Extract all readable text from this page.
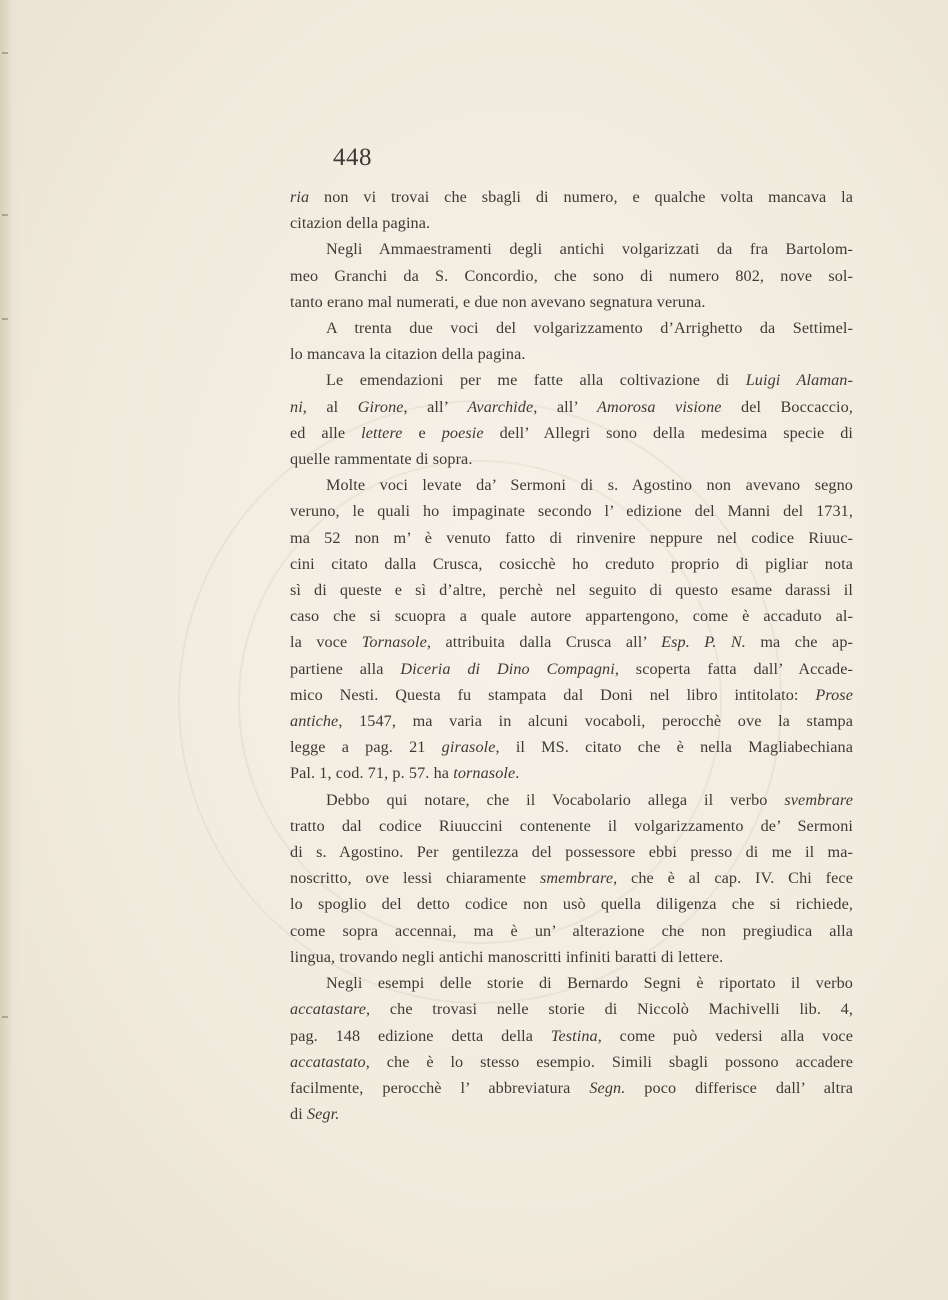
448

ria non vi trovai che sbagli di numero, e qualche volta mancava la

citazion della pagina.

Negli Ammaestramenti degli antichi volgarizzati da fra Bartolom-

meo Granchi da S. Concordio, che sono di numero 802, nove sol-

tanto erano mal numerati, e due non avevano segnatura veruna.

A trenta due voci del volgarizzamento d’Arrighetto da Settimel-

lo mancava la citazion della pagina.

Le emendazioni per me fatte alla coltivazione di Luigi Alaman-

ni, al Girone, all’ Avarchide, all’ Amorosa visione del Boccaccio,

ed alle lettere e poesie dell’ Allegri sono della medesima specie di

quelle rammentate di sopra.

Molte voci levate da’ Sermoni di s. Agostino non avevano segno

veruno, le quali ho impaginate secondo l’ edizione del Manni del 1731,

ma 52 non m’ è venuto fatto di rinvenire neppure nel codice Riuuc-

cini citato dalla Crusca, cosicchè ho creduto proprio di pigliar nota

sì di queste e sì d’altre, perchè nel seguito di questo esame darassi il

caso che si scuopra a quale autore appartengono, come è accaduto al-

la voce Tornasole, attribuita dalla Crusca all’ Esp. P. N. ma che ap-

partiene alla Diceria di Dino Compagni, scoperta fatta dall’ Accade-

mico Nesti. Questa fu stampata dal Doni nel libro intitolato: Prose

antiche, 1547, ma varia in alcuni vocaboli, perocchè ove la stampa

legge a pag. 21 girasole, il MS. citato che è nella Magliabechiana

Pal. 1, cod. 71, p. 57. ha tornasole.

Debbo qui notare, che il Vocabolario allega il verbo svembrare

tratto dal codice Riuuccini contenente il volgarizzamento de’ Sermoni

di s. Agostino. Per gentilezza del possessore ebbi presso di me il ma-

noscritto, ove lessi chiaramente smembrare, che è al cap. IV. Chi fece

lo spoglio del detto codice non usò quella diligenza che si richiede,

come sopra accennai, ma è un’ alterazione che non pregiudica alla

lingua, trovando negli antichi manoscritti infiniti baratti di lettere.

Negli esempi delle storie di Bernardo Segni è riportato il verbo

accatastare, che trovasi nelle storie di Niccolò Machivelli lib. 4,

pag. 148 edizione detta della Testina, come può vedersi alla voce

accatastato, che è lo stesso esempio. Simili sbagli possono accadere

facilmente, perocchè l’ abbreviatura Segn. poco differisce dall’ altra

di Segr.
